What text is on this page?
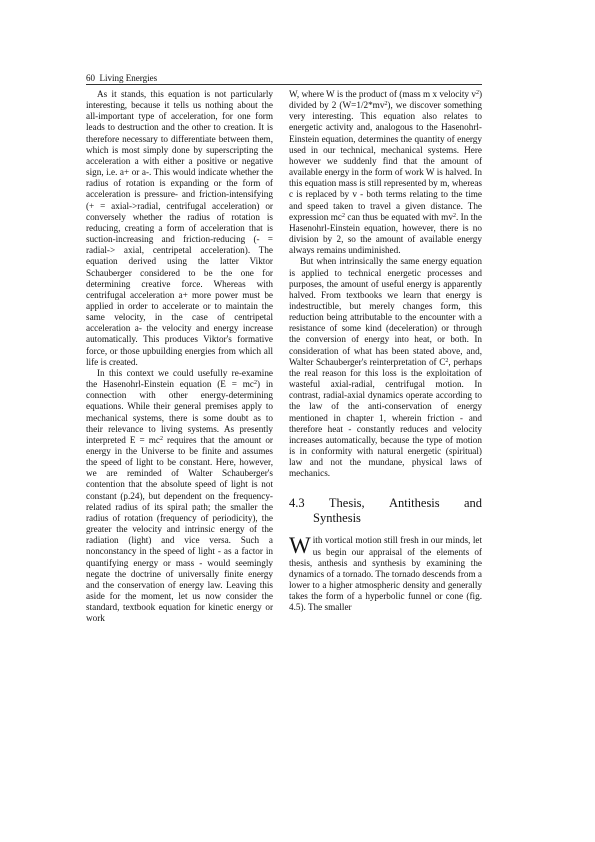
60 Living Energies

As it stands, this equation is not particularly interesting, because it tells us nothing about the all-important type of acceleration, for one form leads to destruction and the other to creation. It is therefore necessary to differentiate between them, which is most simply done by superscripting the acceleration a with either a positive or negative sign, i.e. a+ or a-. This would indicate whether the radius of rotation is expanding or the form of acceleration is pressure- and friction-intensifying (+ = axial->radial, centrifugal acceleration) or conversely whether the radius of rotation is reducing, creating a form of acceleration that is suction-increasing and friction-reducing (- = radial-> axial, centripetal acceleration). The equation derived using the latter Viktor Schauberger considered to be the one for determining creative force. Whereas with centrifugal acceleration a+ more power must be applied in order to accelerate or to maintain the same velocity, in the case of centripetal acceleration a- the velocity and energy increase automatically. This produces Viktor's formative force, or those upbuilding energies from which all life is created.

In this context we could usefully re-examine the Hasenohrl-Einstein equation $(E = mc^2)$ in connection with other energy-determining equations. While their general premises apply to mechanical systems, there is some doubt as to their relevance to living systems. As presently interpreted $E = mc^2$ requires that the amount or energy in the Universe to be finite and assumes the speed of light to be constant. Here, however, we are reminded of Walter Schauberger's contention that the absolute speed of light is not constant (p.24), but dependent on the frequency-related radius of its spiral path; the smaller the radius of rotation (frequency of periodicity), the greater the velocity and intrinsic energy of the radiation (light) and vice versa. Such a nonconstancy in the speed of light - as a factor in quantifying energy or mass - would seemingly negate the doctrine of universally finite energy and the conservation of energy law. Leaving this aside for the moment, let us now consider the standard, textbook equation for kinetic energy or work

W, where W is the product of (mass m x velocity $v^2$) divided by 2 $(W=1/2*mv^2)$, we discover something very interesting. This equation also relates to energetic activity and, analogous to the Hasenohrl-Einstein equation, determines the quantity of energy used in our technical, mechanical systems. Here however we suddenly find that the amount of available energy in the form of work W is halved. In this equation mass is still represented by m, whereas c is replaced by v - both terms relating to the time and speed taken to travel a given distance. The expression $mc^2$ can thus be equated with $mv^2$. In the Hasenohrl-Einstein equation, however, there is no division by 2, so the amount of available energy always remains undiminished.

But when intrinsically the same energy equation is applied to technical energetic processes and purposes, the amount of useful energy is apparently halved. From textbooks we learn that energy is indestructible, but merely changes form, this reduction being attributable to the encounter with a resistance of some kind (deceleration) or through the conversion of energy into heat, or both. In consideration of what has been stated above, and, Walter Schauberger's reinterpretation of $C^2$, perhaps the real reason for this loss is the exploitation of wasteful axial-radial, centrifugal motion. In contrast, radial-axial dynamics operate according to the law of the anti-conservation of energy mentioned in chapter 1, wherein friction - and therefore heat - constantly reduces and velocity increases automatically, because the type of motion is in conformity with natural energetic (spiritual) law and not the mundane, physical laws of mechanics.

4.3 Thesis, Antithesis and
Synthesis

With vortical motion still fresh in our minds, let us begin our appraisal of the elements of thesis, anthesis and synthesis by examining the dynamics of a tornado. The tornado descends from a lower to a higher atmospheric density and generally takes the form of a hyperbolic funnel or cone (fig. 4.5). The smaller
